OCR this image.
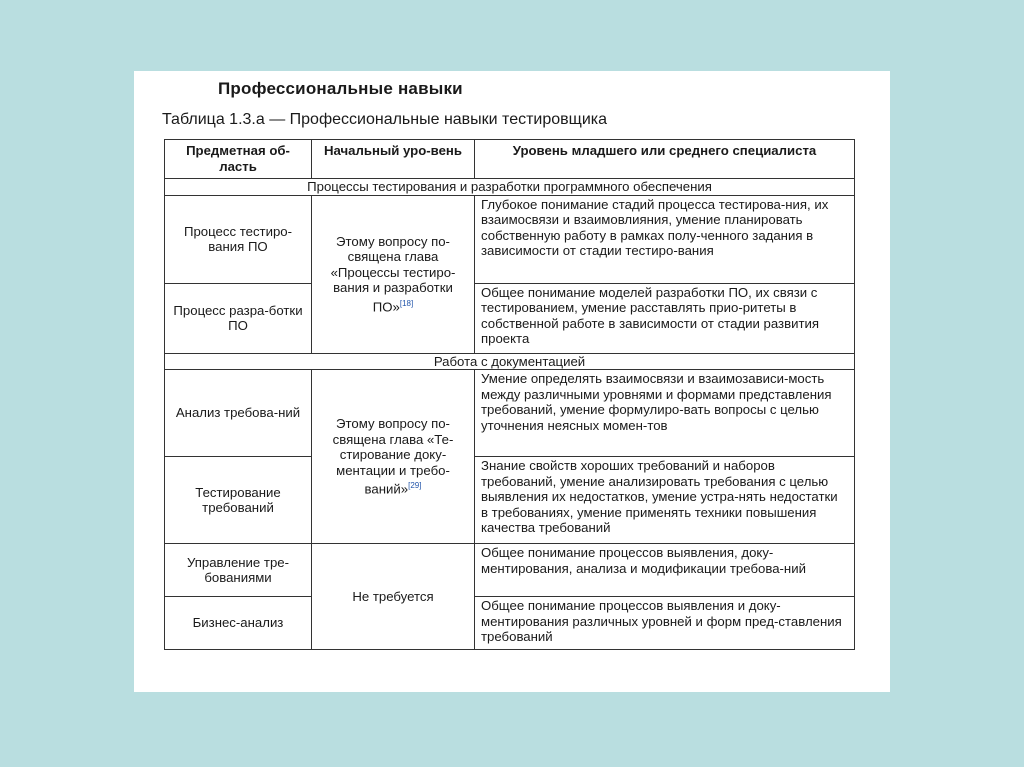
Профессиональные навыки
Таблица 1.3.a — Профессиональные навыки тестировщика
Предметная об-ласть	Начальный уро-вень	Уровень младшего или среднего специалиста
Процессы тестирования и разработки программного обеспечения		
Процесс тестиро-вания ПО	Этому вопросу по-священа глава «Процессы тестиро-вания и разработки ПО»[18]	Глубокое понимание стадий процесса тестирова-ния, их взаимосвязи и взаимовлияния, умение планировать собственную работу в рамках полу-ченного задания в зависимости от стадии тестиро-вания
Процесс разра-ботки ПО		Общее понимание моделей разработки ПО, их связи с тестированием, умение расставлять прио-ритеты в собственной работе в зависимости от стадии развития проекта
Работа с документацией		
Анализ требова-ний	Этому вопросу по-священа глава «Те-стирование доку-ментации и требо-ваний»[29]	Умение определять взаимосвязи и взаимозависи-мость между различными уровнями и формами представления требований, умение формулиро-вать вопросы с целью уточнения неясных момен-тов
Тестирование требований		Знание свойств хороших требований и наборов требований, умение анализировать требования с целью выявления их недостатков, умение устра-нять недостатки в требованиях, умение применять техники повышения качества требований
Управление тре-бованиями	Не требуется	Общее понимание процессов выявления, доку-ментирования, анализа и модификации требова-ний
Бизнес-анализ		Общее понимание процессов выявления и доку-ментирования различных уровней и форм пред-ставления требований
